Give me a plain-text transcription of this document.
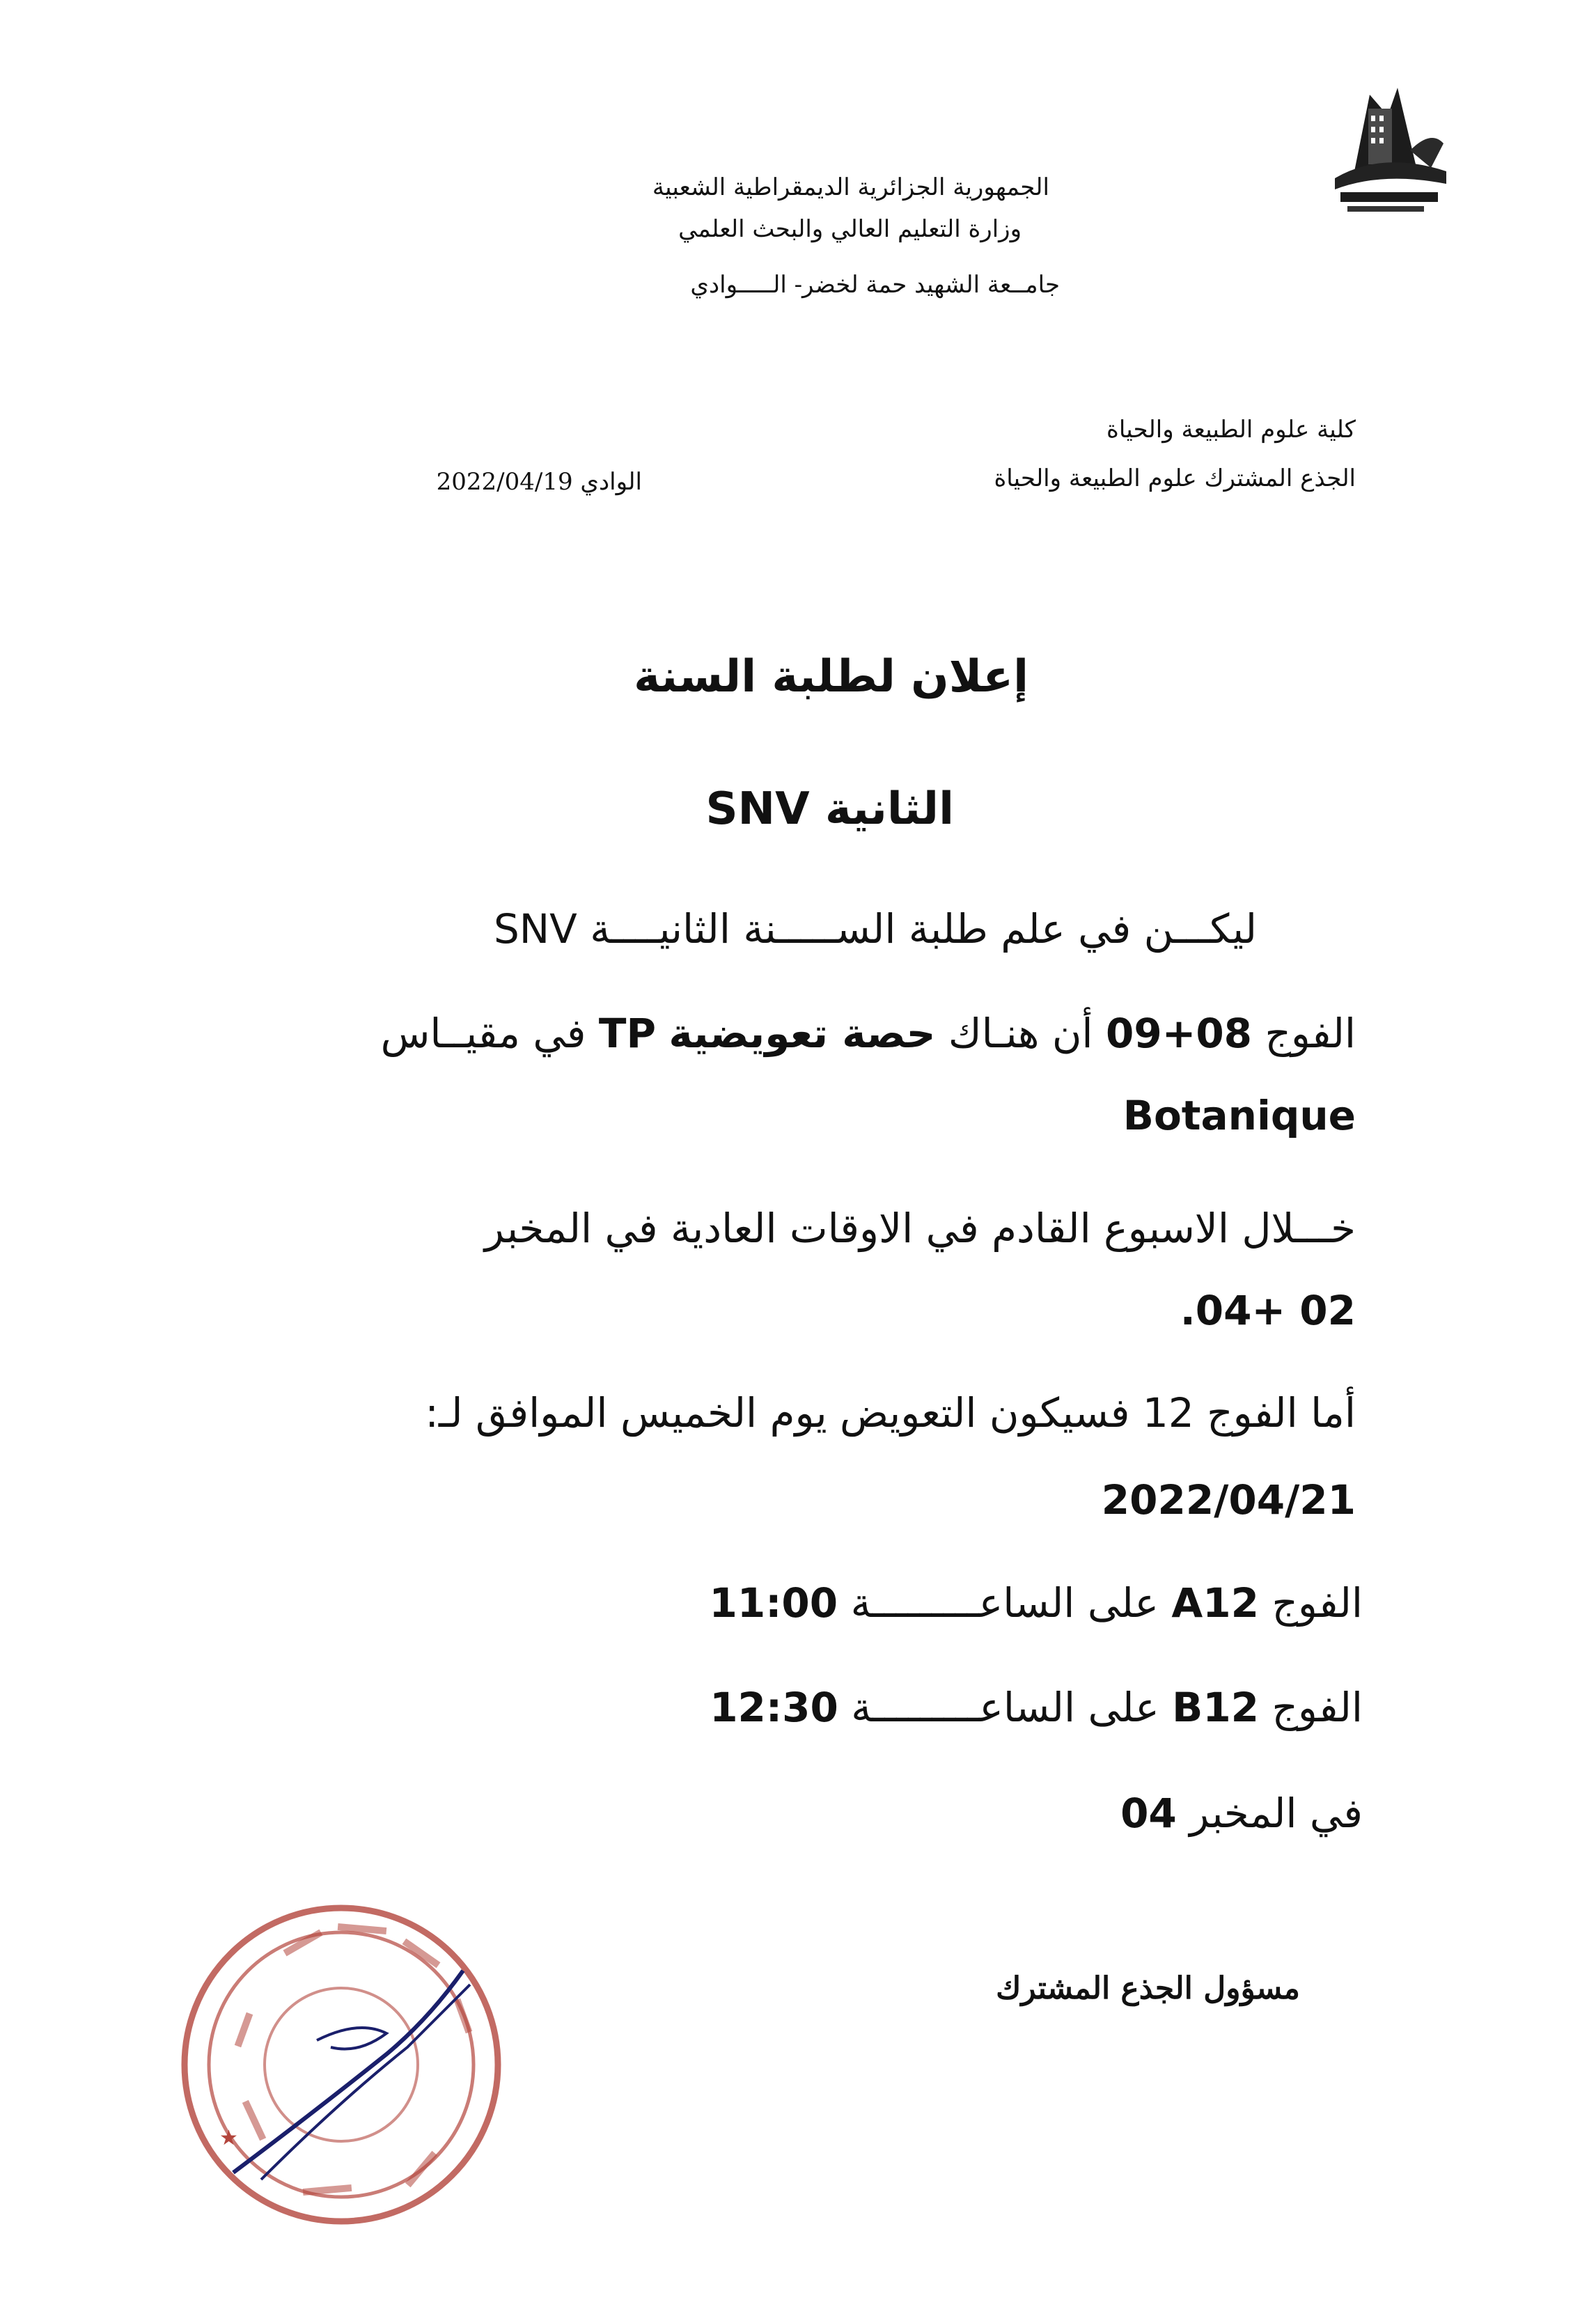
الجمهورية الجزائرية الديمقراطية الشعبية
وزارة التعليم العالي والبحث العلمي
جامــعة الشهيد حمة لخضر- الـــــوادي
كلية علوم الطبيعة والحياة
الجذع المشترك علوم الطبيعة والحياة
الوادي 2022/04/19
إعلان لطلبة السنة
الثانية SNV
ليكـــن في علم طلبة الســـــنة الثانيــــة SNV
الفوج 08+09 أن هنـاك حصة تعويضية TP في مقيــاس
Botanique
خـــلال الاسبوع القادم في الاوقات العادية في المخبر
.04+ 02
أما الفوج 12 فسيكون التعويض يوم الخميس الموافق لـ:
2022/04/21
الفوج A12 على الساعـــــــــة 11:00
الفوج B12 على الساعـــــــــة 12:30
في المخبر 04
مسؤول الجذع المشترك
★
